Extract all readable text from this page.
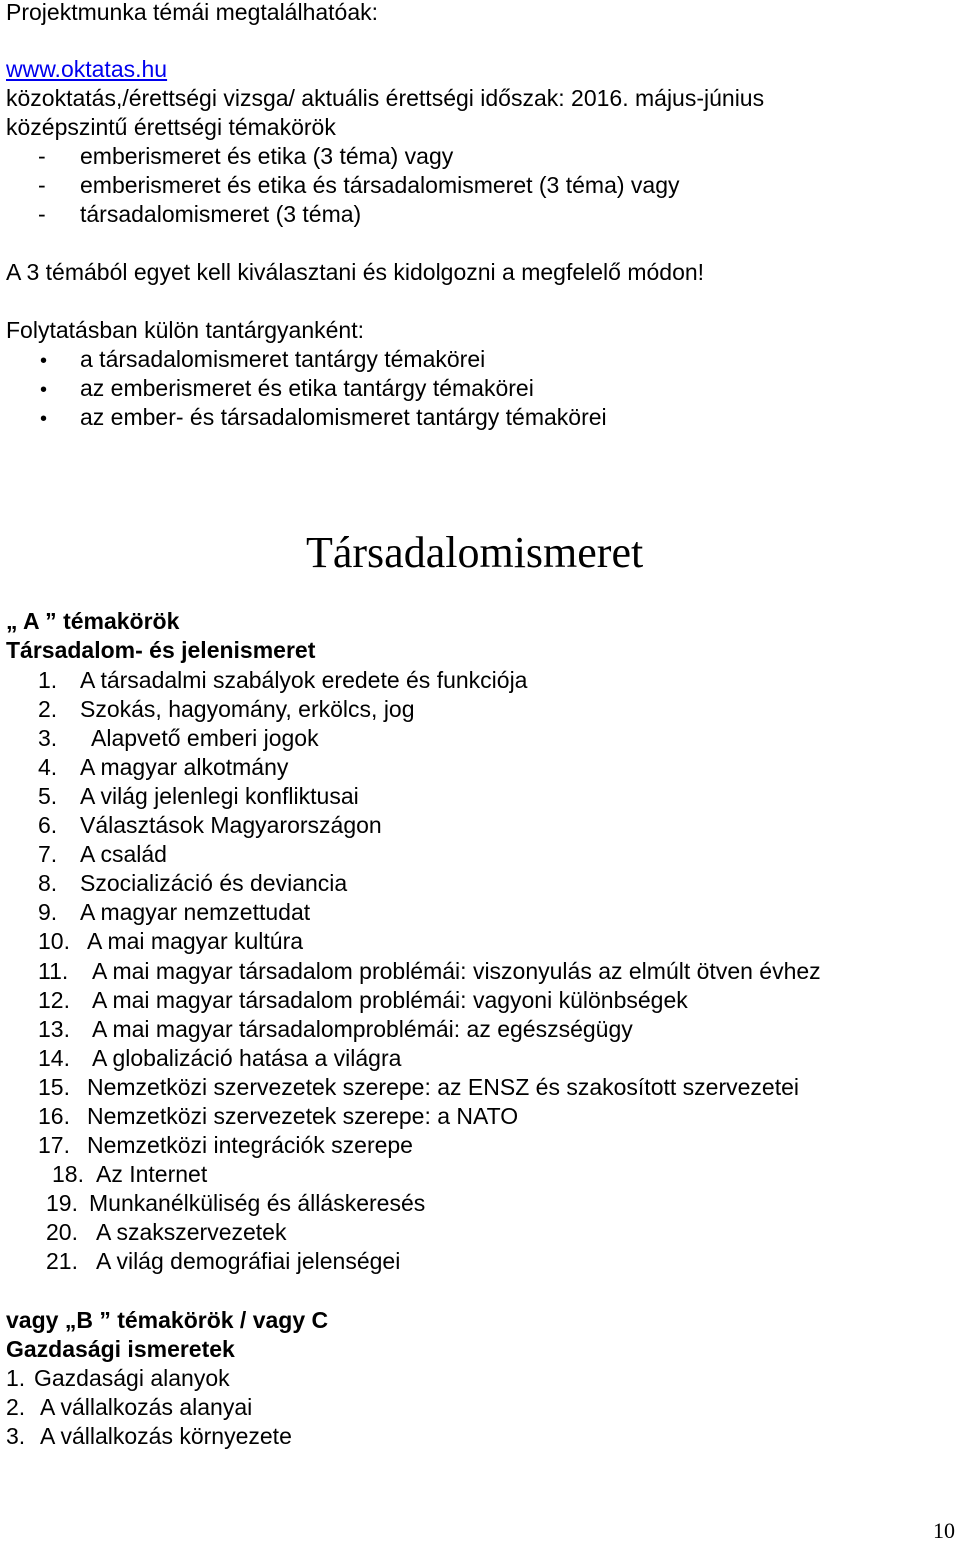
Projektmunka témái megtalálhatóak:
www.oktatas.hu
közoktatás,/érettségi vizsga/ aktuális érettségi időszak: 2016. május-június
középszintű érettségi témakörök
- emberismeret és etika (3 téma) vagy
- emberismeret és etika és társadalomismeret (3 téma) vagy
- társadalomismeret (3 téma)
A 3 témából egyet kell kiválasztani és kidolgozni a megfelelő módon!
Folytatásban külön tantárgyanként:
• a társadalomismeret tantárgy témakörei
• az emberismeret és etika tantárgy témakörei
• az ember- és társadalomismeret tantárgy témakörei
Társadalomismeret
„ A ” témakörök
Társadalom- és jelenismeret
1. A társadalmi szabályok eredete és funkciója
2. Szokás, hagyomány, erkölcs, jog
3. Alapvető emberi jogok
4. A magyar alkotmány
5. A világ jelenlegi konfliktusai
6. Választások Magyarországon
7. A család
8. Szocializáció és deviancia
9. A magyar nemzettudat
10. A mai magyar kultúra
11. A mai magyar társadalom problémái: viszonyulás az elmúlt ötven évhez
12. A mai magyar társadalom problémái: vagyoni különbségek
13. A mai magyar társadalomproblémái: az egészségügy
14. A globalizáció hatása a világra
15. Nemzetközi szervezetek szerepe: az ENSZ és szakosított szervezetei
16. Nemzetközi szervezetek szerepe: a NATO
17. Nemzetközi integrációk szerepe
18. Az Internet
19. Munkanélküliség és álláskeresés
20. A szakszervezetek
21. A világ demográfiai jelenségei
vagy „B ” témakörök / vagy C
Gazdasági ismeretek
1. Gazdasági alanyok
2. A vállalkozás alanyai
3. A vállalkozás környezete
10
